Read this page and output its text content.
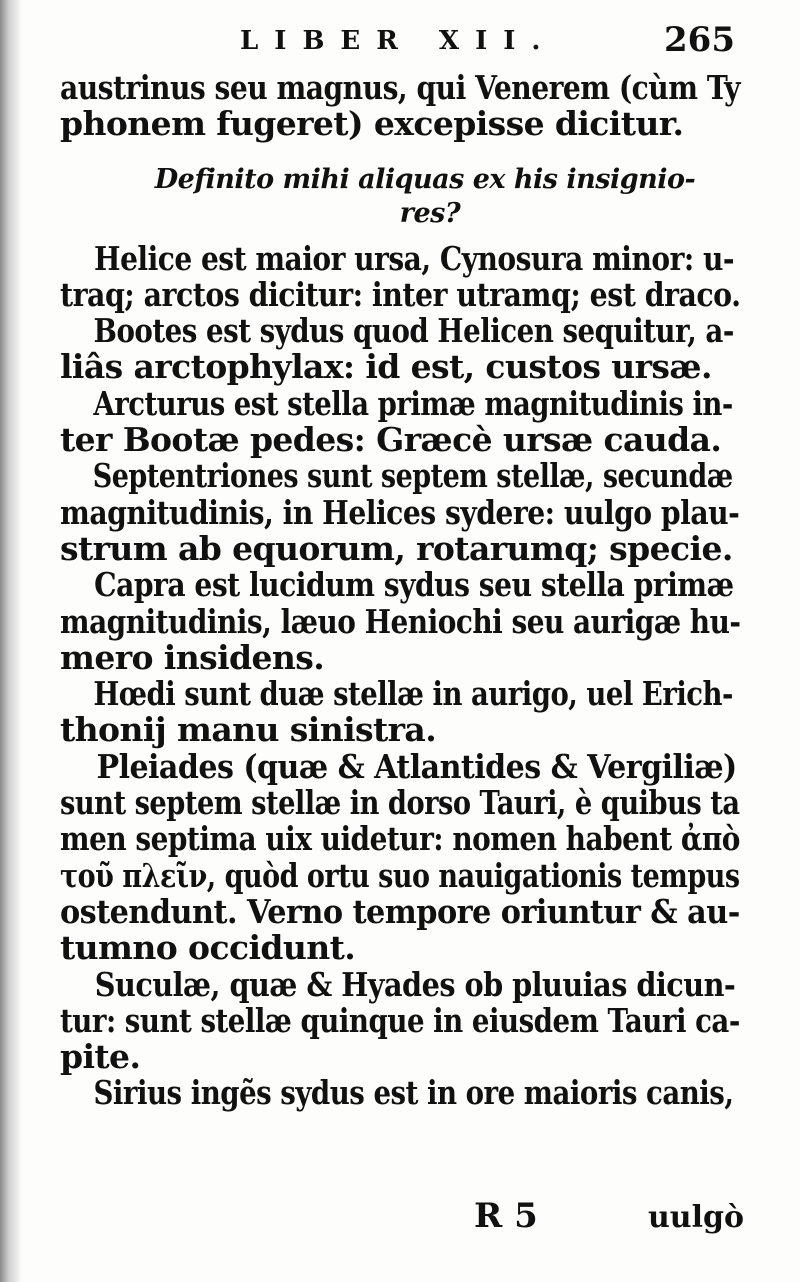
LIBER XII.	265
austrinus seu magnus, qui Venerem (cùm Ty
phonem fugeret) excepisse dicitur.
Definito mihi aliquas ex his insignio-
res?
Helice est maior ursa, Cynosura minor: u-
traq; arctos dicitur: inter utramq; est draco.
Bootes est sydus quod Helicen sequitur, a-
liâs arctophylax: id est, custos ursæ.
Arcturus est stella primæ magnitudinis in-
ter Bootæ pedes: Græcè ursæ cauda.
Septentriones sunt septem stellæ, secundæ
magnitudinis, in Helices sydere: uulgo plau-
strum ab equorum, rotarumq; specie.
Capra est lucidum sydus seu stella primæ
magnitudinis, læuo Heniochi seu aurigæ hu-
mero insidens.
Hœdi sunt duæ stellæ in aurigo, uel Erich-
thonij manu sinistra.
Pleiades (quæ & Atlantides & Vergiliæ)
sunt septem stellæ in dorso Tauri, è quibus ta
men septima uix uidetur: nomen habent ἀπὸ
τοῦ πλεῖν, quòd ortu suo nauigationis tempus
ostendunt. Verno tempore oriuntur & au-
tumno occidunt.
Suculæ, quæ & Hyades ob pluuias dicun-
tur: sunt stellæ quinque in eiusdem Tauri ca-
pite.
Sirius ingẽs sydus est in ore maioris canis,
R 5	uulgò
